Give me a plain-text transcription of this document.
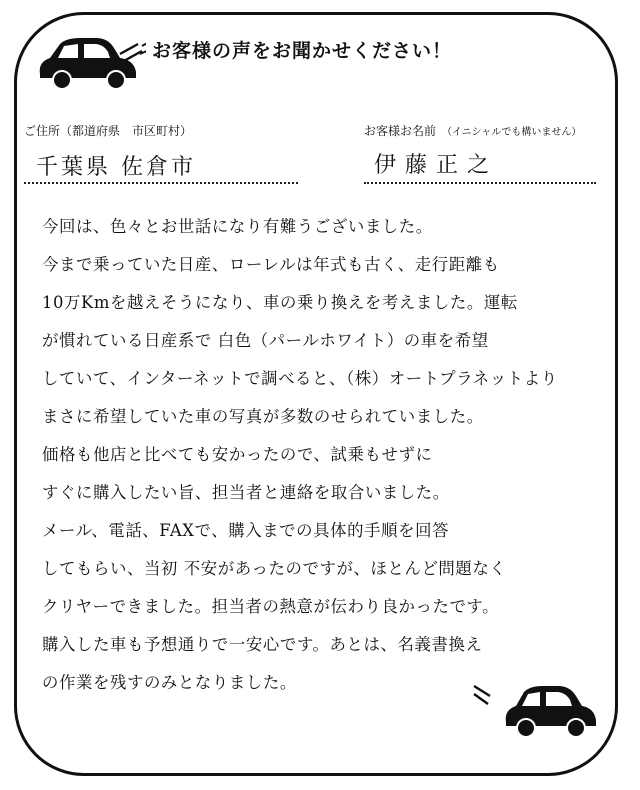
お客様の声をお聞かせください！
ご住所（都道府県　市区町村）	お客様お名前 （イニシャルでも構いません）
千葉県 佐倉市	伊藤正之
今回は、色々とお世話になり有難うございました。
今まで乗っていた日産、ローレルは年式も古く、走行距離も
10万Kmを越えそうになり、車の乗り換えを考えました。運転
が慣れている日産系で 白色（パールホワイト）の車を希望
していて、インターネットで調べると、（株）オートプラネットより
まさに希望していた車の写真が多数のせられていました。
価格も他店と比べても安かったので、試乗もせずに
すぐに購入したい旨、担当者と連絡を取合いました。
メール、電話、FAXで、購入までの具体的手順を回答
してもらい、当初 不安があったのですが、ほとんど問題なく
クリヤーできました。担当者の熱意が伝わり良かったです。
購入した車も予想通りで一安心です。あとは、名義書換え
の作業を残すのみとなりました。
